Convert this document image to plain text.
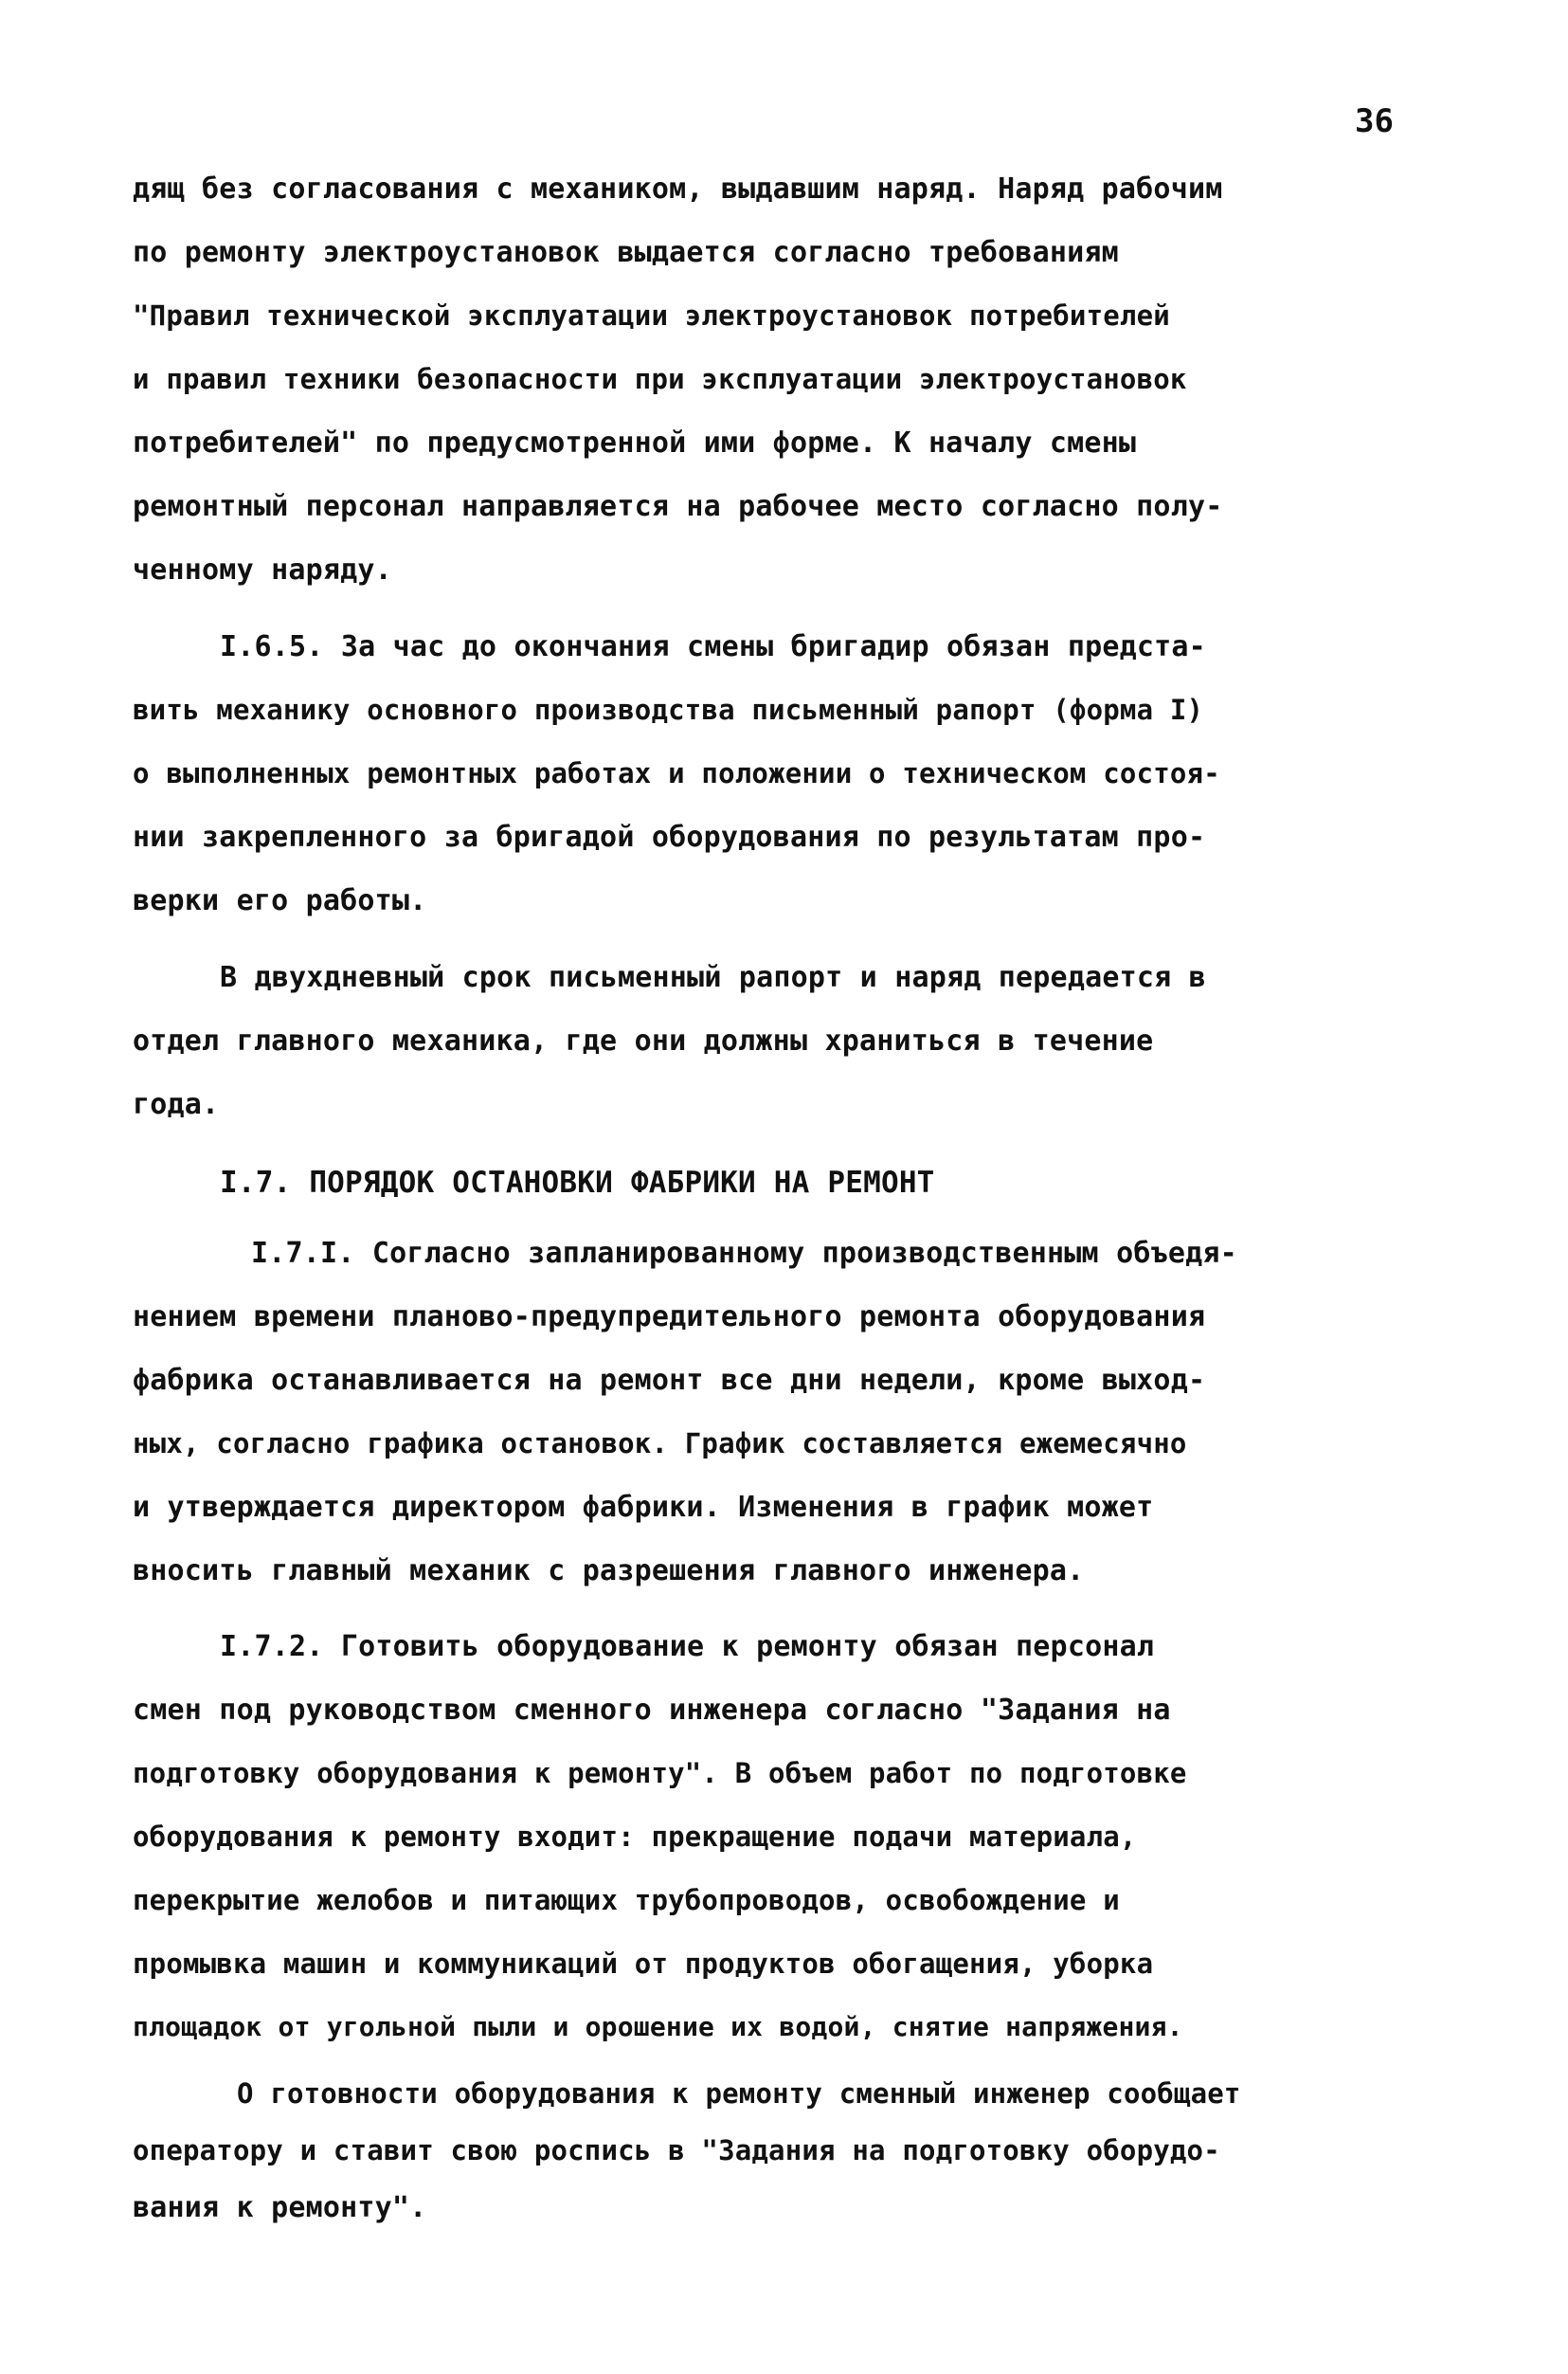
36
дящ без согласования с механиком, выдавшим наряд. Наряд рабочим
по ремонту электроустановок выдается согласно требованиям
"Правил технической эксплуатации электроустановок потребителей
и правил техники безопасности при эксплуатации электроустановок
потребителей" по предусмотренной ими форме. К началу смены
ремонтный персонал направляется на рабочее место согласно полу-
ченному наряду.
I.6.5. За час до окончания смены бригадир обязан предста-
вить механику основного производства письменный рапорт (форма I)
о выполненных ремонтных работах и положении о техническом состоя-
нии закрепленного за бригадой оборудования по результатам про-
верки его работы.
В двухдневный срок письменный рапорт и наряд передается в
отдел главного механика, где они должны храниться в течение
года.
I.7. ПОРЯДОК ОСТАНОВКИ ФАБРИКИ НА РЕМОНТ
I.7.I. Согласно запланированному производственным объедя-
нением времени планово-предупредительного ремонта оборудования
фабрика останавливается на ремонт все дни недели, кроме выход-
ных, согласно графика остановок. График составляется ежемесячно
и утверждается директором фабрики. Изменения в график может
вносить главный механик с разрешения главного инженера.
I.7.2. Готовить оборудование к ремонту обязан персонал
смен под руководством сменного инженера согласно "Задания на
подготовку оборудования к ремонту". В объем работ по подготовке
оборудования к ремонту входит: прекращение подачи материала,
перекрытие желобов и питающих трубопроводов, освобождение и
промывка машин и коммуникаций от продуктов обогащения, уборка
площадок от угольной пыли и орошение их водой, снятие напряжения.
О готовности оборудования к ремонту сменный инженер сообщает
оператору и ставит свою роспись в "Задания на подготовку оборудо-
вания к ремонту".
